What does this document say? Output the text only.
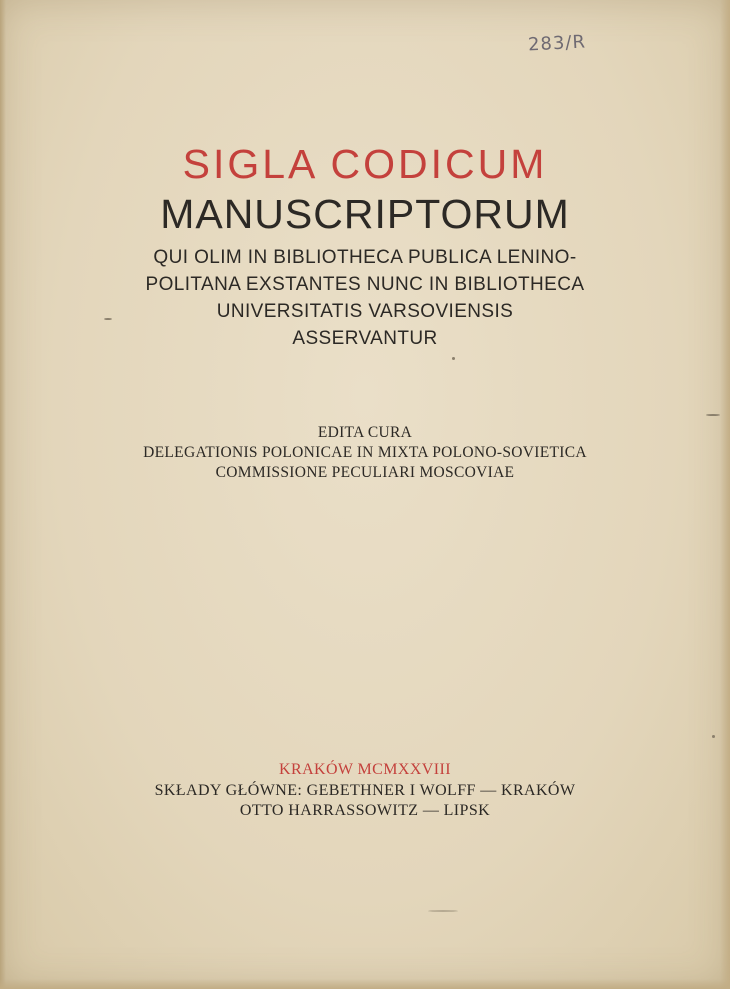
283/R
SIGLA CODICUM
MANUSCRIPTORUM
QUI OLIM IN BIBLIOTHECA PUBLICA LENINO-
POLITANA EXSTANTES NUNC IN BIBLIOTHECA
UNIVERSITATIS VARSOVIENSIS
ASSERVANTUR
EDITA CURA
DELEGATIONIS POLONICAE IN MIXTA POLONO-SOVIETICA
COMMISSIONE PECULIARI MOSCOVIAE
KRAKÓW MCMXXVIII
SKŁADY GŁÓWNE: GEBETHNER I WOLFF — KRAKÓW
OTTO HARRASSOWITZ — LIPSK
